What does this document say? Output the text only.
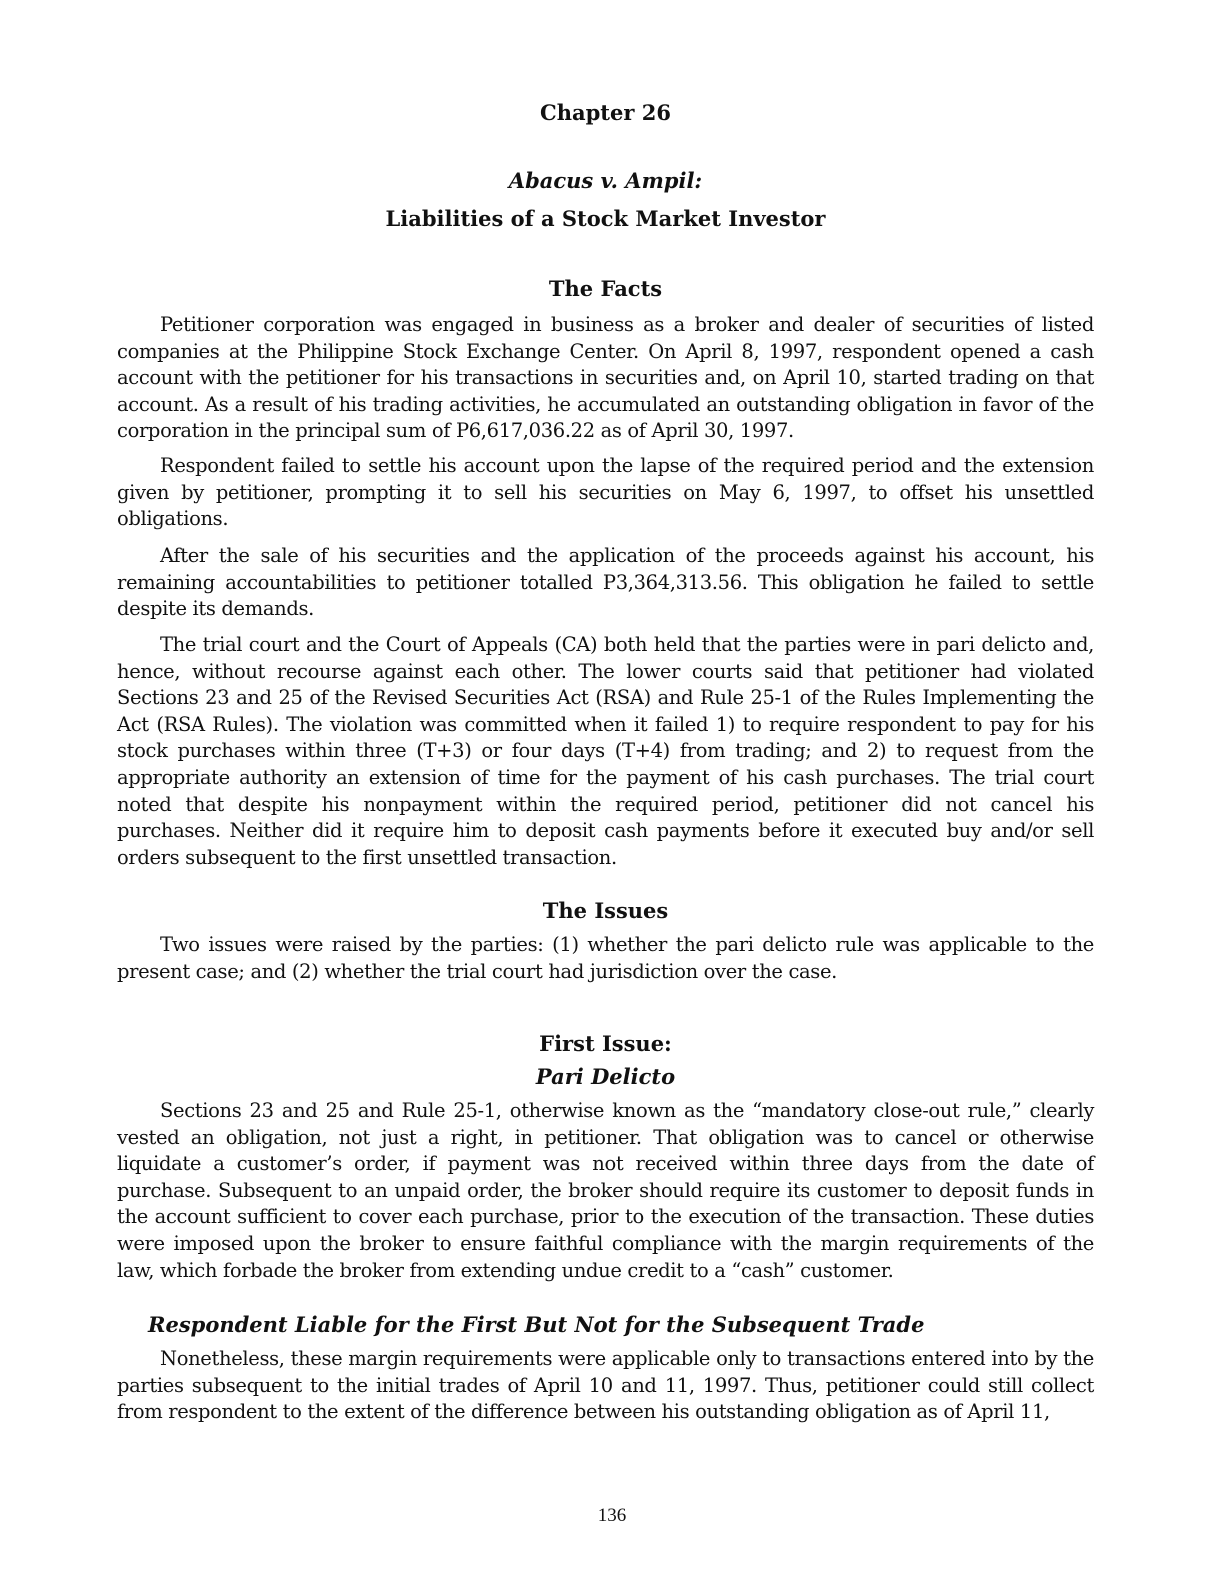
Chapter 26
Abacus v. Ampil:
Liabilities of a Stock Market Investor
The Facts

Petitioner corporation was engaged in business as a broker and dealer of securities of listed companies at the Philippine Stock Exchange Center. On April 8, 1997, respondent opened a cash account with the petitioner for his transactions in securities and, on April 10, started trading on that account. As a result of his trading activities, he accumulated an outstanding obligation in favor of the corporation in the principal sum of P6,617,036.22 as of April 30, 1997.

Respondent failed to settle his account upon the lapse of the required period and the extension given by petitioner, prompting it to sell his securities on May 6, 1997, to offset his unsettled obligations.

After the sale of his securities and the application of the proceeds against his account, his remaining accountabilities to petitioner totalled P3,364,313.56. This obligation he failed to settle despite its demands.

The trial court and the Court of Appeals (CA) both held that the parties were in pari delicto and, hence, without recourse against each other. The lower courts said that petitioner had violated Sections 23 and 25 of the Revised Securities Act (RSA) and Rule 25-1 of the Rules Implementing the Act (RSA Rules). The violation was committed when it failed 1) to require respondent to pay for his stock purchases within three (T+3) or four days (T+4) from trading; and 2) to request from the appropriate authority an extension of time for the payment of his cash purchases. The trial court noted that despite his nonpayment within the required period, petitioner did not cancel his purchases. Neither did it require him to deposit cash payments before it executed buy and/or sell orders subsequent to the first unsettled transaction.

The Issues

Two issues were raised by the parties: (1) whether the pari delicto rule was applicable to the present case; and (2) whether the trial court had jurisdiction over the case.

First Issue:
Pari Delicto

Sections 23 and 25 and Rule 25-1, otherwise known as the “mandatory close-out rule,” clearly vested an obligation, not just a right, in petitioner. That obligation was to cancel or otherwise liquidate a customer’s order, if payment was not received within three days from the date of purchase. Subsequent to an unpaid order, the broker should require its customer to deposit funds in the account sufficient to cover each purchase, prior to the execution of the transaction. These duties were imposed upon the broker to ensure faithful compliance with the margin requirements of the law, which forbade the broker from extending undue credit to a “cash” customer.

Respondent Liable for the First But Not for the Subsequent Trade

Nonetheless, these margin requirements were applicable only to transactions entered into by the parties subsequent to the initial trades of April 10 and 11, 1997. Thus, petitioner could still collect from respondent to the extent of the difference between his outstanding obligation as of April 11,

136
